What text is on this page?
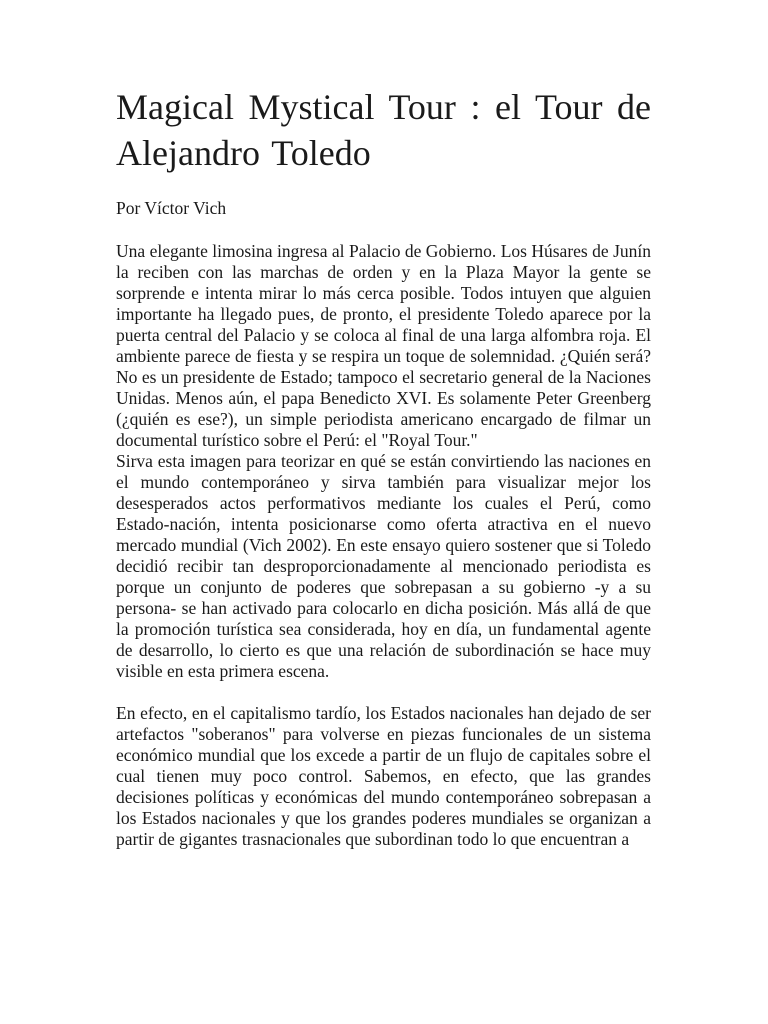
Magical Mystical Tour : el Tour de Alejandro Toledo

Por Víctor Vich

Una elegante limosina ingresa al Palacio de Gobierno. Los Húsares de Junín la reciben con las marchas de orden y en la Plaza Mayor la gente se sorprende e intenta mirar lo más cerca posible. Todos intuyen que alguien importante ha llegado pues, de pronto, el presidente Toledo aparece por la puerta central del Palacio y se coloca al final de una larga alfombra roja. El ambiente parece de fiesta y se respira un toque de solemnidad. ¿Quién será? No es un presidente de Estado; tampoco el secretario general de la Naciones Unidas. Menos aún, el papa Benedicto XVI. Es solamente Peter Greenberg (¿quién es ese?), un simple periodista americano encargado de filmar un documental turístico sobre el Perú: el "Royal Tour."

Sirva esta imagen para teorizar en qué se están convirtiendo las naciones en el mundo contemporáneo y sirva también para visualizar mejor los desesperados actos performativos mediante los cuales el Perú, como Estado-nación, intenta posicionarse como oferta atractiva en el nuevo mercado mundial (Vich 2002). En este ensayo quiero sostener que si Toledo decidió recibir tan desproporcionadamente al mencionado periodista es porque un conjunto de poderes que sobrepasan a su gobierno -y a su persona- se han activado para colocarlo en dicha posición. Más allá de que la promoción turística sea considerada, hoy en día, un fundamental agente de desarrollo, lo cierto es que una relación de subordinación se hace muy visible en esta primera escena.

En efecto, en el capitalismo tardío, los Estados nacionales han dejado de ser artefactos "soberanos" para volverse en piezas funcionales de un sistema económico mundial que los excede a partir de un flujo de capitales sobre el cual tienen muy poco control. Sabemos, en efecto, que las grandes decisiones políticas y económicas del mundo contemporáneo sobrepasan a los Estados nacionales y que los grandes poderes mundiales se organizan a partir de gigantes trasnacionales que subordinan todo lo que encuentran a
